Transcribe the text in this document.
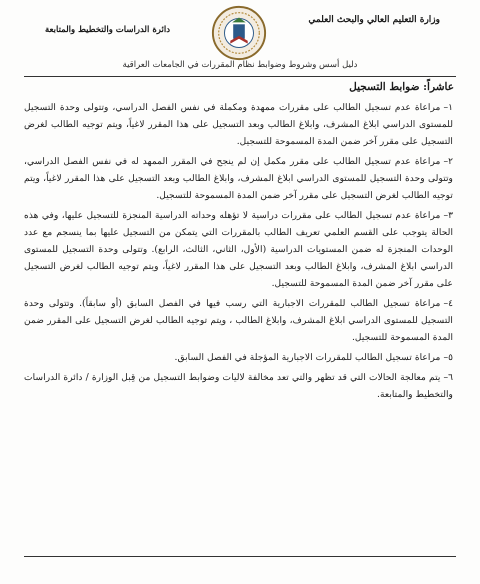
وزارة التعليم العالي والبحث العلمي
دائرة الدراسات والتخطيط والمتابعة
دليل أسس وشروط وضوابط نظام المقررات في الجامعات العراقية
عاشراً: ضوابط التسجيل
١–مراعاة عدم تسجيل الطالب على مقررات ممهدة ومكملة في نفس الفصل الدراسي، وتتولى وحدة التسجيل للمستوى الدراسي ابلاغ المشرف، وابلاغ الطالب وبعد التسجيل على هذا المقرر لاغياً، ويتم توجيه الطالب لغرض التسجيل على مقرر آخر ضمن المدة المسموحة للتسجيل.
٢–مراعاة عدم تسجيل الطالب على مقرر مكمل إن لم ينجح في المقرر الممهد له في نفس الفصل الدراسي، وتتولى وحدة التسجيل للمستوى الدراسي ابلاغ المشرف، وابلاغ الطالب وبعد التسجيل على هذا المقرر لاغياً، ويتم توجيه الطالب لغرض التسجيل على مقرر آخر ضمن المدة المسموحة للتسجيل.
٣–مراعاة عدم تسجيل الطالب على مقررات دراسية لا تؤهله وحداته الدراسية المنجزة للتسجيل عليها، وفي هذه الحالة يتوجب على القسم العلمي تعريف الطالب بالمقررات التي يتمكن من التسجيل عليها بما ينسجم مع عدد الوحدات المنجزة له ضمن المستويات الدراسية (الأول، الثاني، الثالث، الرابع). وتتولى وحدة التسجيل للمستوى الدراسي ابلاغ المشرف، وابلاغ الطالب وبعد التسجيل على هذا المقرر لاغياً، ويتم توجيه الطالب لغرض التسجيل على مقرر آخر ضمن المدة المسموحة للتسجيل.
٤–مراعاة تسجيل الطالب للمقررات الاجبارية التي رسب فيها في الفصل السابق (أو سابقاً). وتتولى وحدة التسجيل للمستوى الدراسي ابلاغ المشرف، وابلاغ الطالب ، ويتم توجيه الطالب لغرض التسجيل على المقرر ضمن المدة المسموحة للتسجيل.
٥–مراعاة تسجيل الطالب للمقررات الاجبارية المؤجلة في الفصل السابق.
٦–يتم معالجة الحالات التي قد تظهر والتي تعد مخالفة لاليات وضوابط التسجيل من قِبل الوزارة / دائرة الدراسات والتخطيط والمتابعة.
